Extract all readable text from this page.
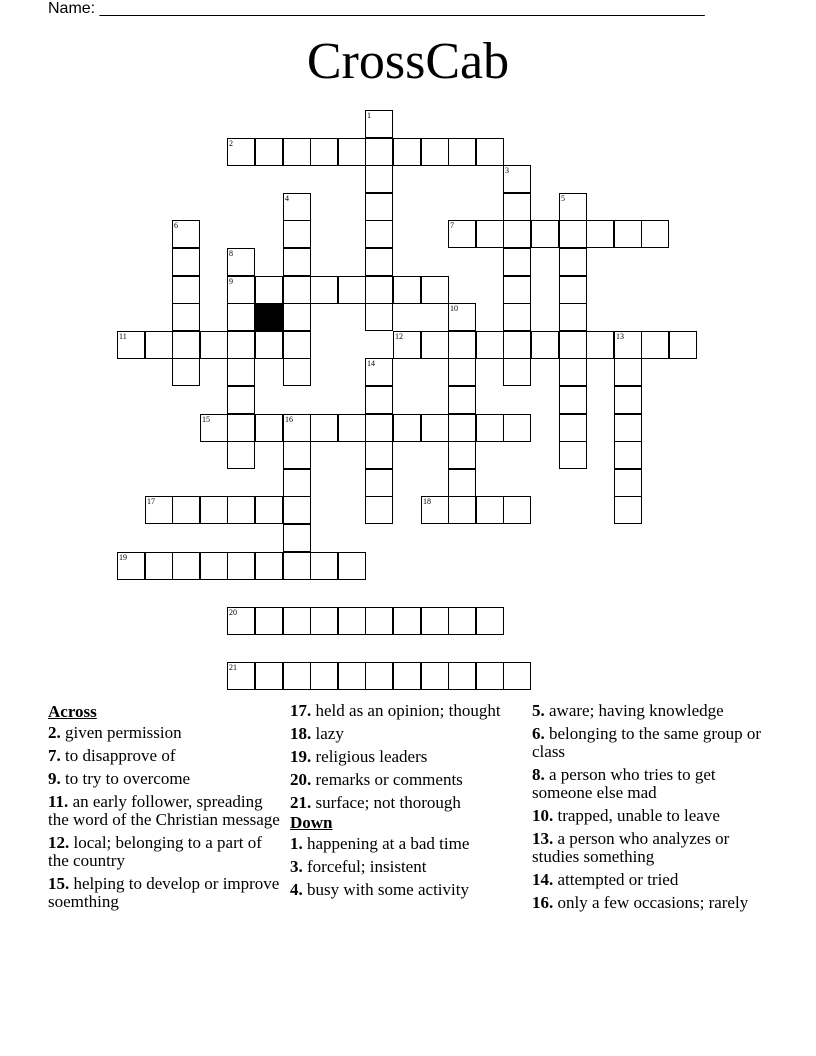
Name: ____________________________________________________________________
CrossCab
1
2
3
4	5
6	7
8
9
10
11	12	13
14
15	16
17	18
19
20
21
Across
2. given permission
7. to disapprove of
9. to try to overcome
11. an early follower, spreading the word of the Christian message
12. local; belonging to a part of the country
15. helping to develop or improve soemthing
17. held as an opinion; thought
18. lazy
19. religious leaders
20. remarks or comments
21. surface; not thorough
Down
1. happening at a bad time
3. forceful; insistent
4. busy with some activity
5. aware; having knowledge
6. belonging to the same group or class
8. a person who tries to get someone else mad
10. trapped, unable to leave
13. a person who analyzes or studies something
14. attempted or tried
16. only a few occasions; rarely
